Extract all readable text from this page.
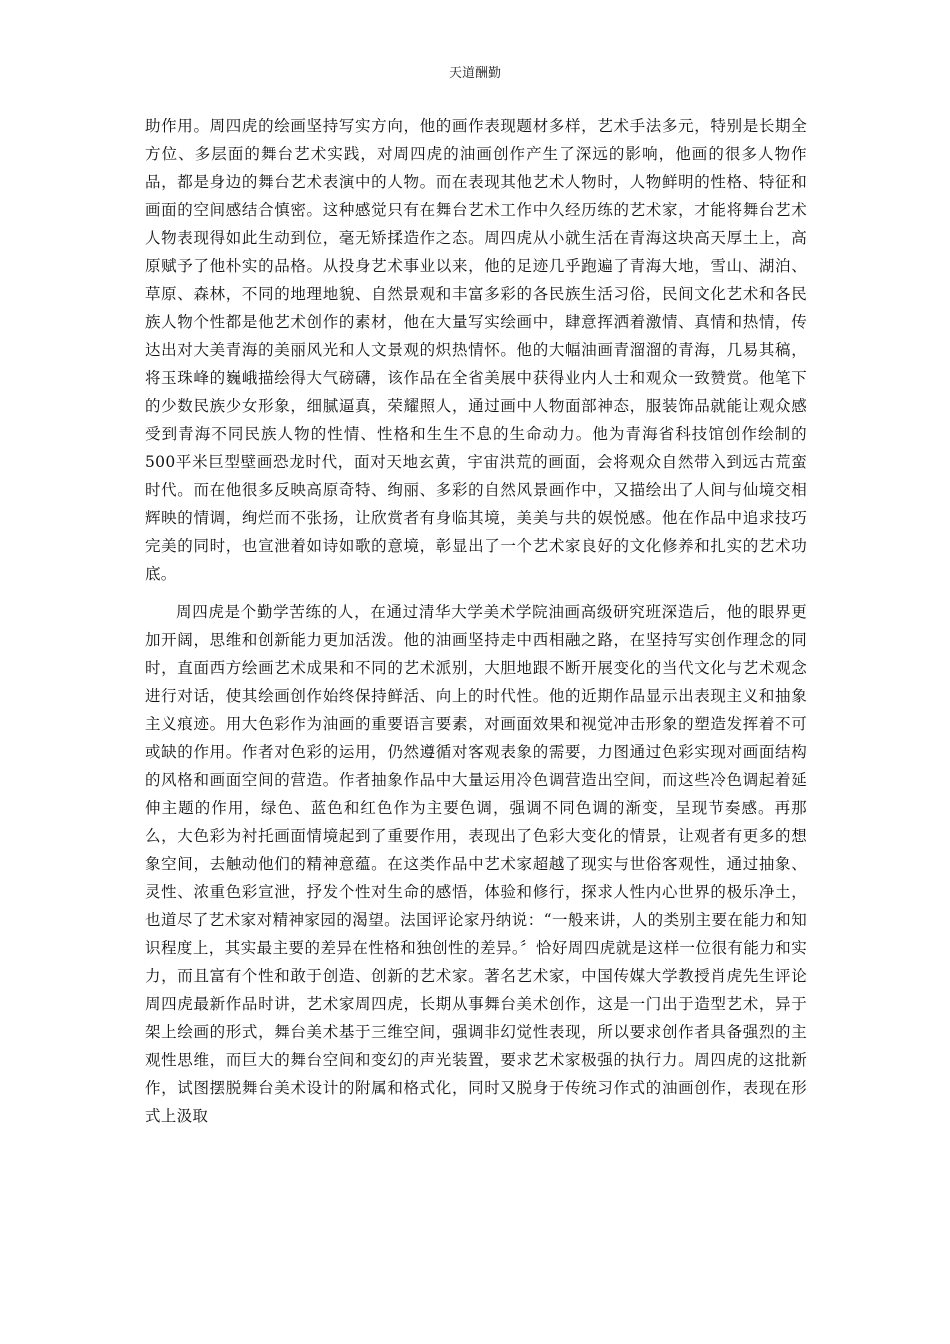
天道酬勤

助作用。周四虎的绘画坚持写实方向，他的画作表现题材多样，艺术手法多元，特别是长期全方位、多层面的舞台艺术实践，对周四虎的油画创作产生了深远的影响，他画的很多人物作品，都是身边的舞台艺术表演中的人物。而在表现其他艺术人物时，人物鲜明的性格、特征和画面的空间感结合慎密。这种感觉只有在舞台艺术工作中久经历练的艺术家，才能将舞台艺术人物表现得如此生动到位，毫无矫揉造作之态。周四虎从小就生活在青海这块高天厚土上，高原赋予了他朴实的品格。从投身艺术事业以来，他的足迹几乎跑遍了青海大地，雪山、湖泊、草原、森林，不同的地理地貌、自然景观和丰富多彩的各民族生活习俗，民间文化艺术和各民族人物个性都是他艺术创作的素材，他在大量写实绘画中，肆意挥洒着激情、真情和热情，传达出对大美青海的美丽风光和人文景观的炽热情怀。他的大幅油画青溜溜的青海，几易其稿，将玉珠峰的巍峨描绘得大气磅礴，该作品在全省美展中获得业内人士和观众一致赞赏。他笔下的少数民族少女形象，细腻逼真，荣耀照人，通过画中人物面部神态，服装饰品就能让观众感受到青海不同民族人物的性情、性格和生生不息的生命动力。他为青海省科技馆创作绘制的500平米巨型壁画恐龙时代，面对天地玄黄，宇宙洪荒的画面，会将观众自然带入到远古荒蛮时代。而在他很多反映高原奇特、绚丽、多彩的自然风景画作中，又描绘出了人间与仙境交相辉映的情调，绚烂而不张扬，让欣赏者有身临其境，美美与共的娱悦感。他在作品中追求技巧完美的同时，也宣泄着如诗如歌的意境，彰显出了一个艺术家良好的文化修养和扎实的艺术功底。

周四虎是个勤学苦练的人，在通过清华大学美术学院油画高级研究班深造后，他的眼界更加开阔，思维和创新能力更加活泼。他的油画坚持走中西相融之路，在坚持写实创作理念的同时，直面西方绘画艺术成果和不同的艺术派别，大胆地跟不断开展变化的当代文化与艺术观念进行对话，使其绘画创作始终保持鲜活、向上的时代性。他的近期作品显示出表现主义和抽象主义痕迹。用大色彩作为油画的重要语言要素，对画面效果和视觉冲击形象的塑造发挥着不可或缺的作用。作者对色彩的运用，仍然遵循对客观表象的需要，力图通过色彩实现对画面结构的风格和画面空间的营造。作者抽象作品中大量运用冷色调营造出空间，而这些冷色调起着延伸主题的作用，绿色、蓝色和红色作为主要色调，强调不同色调的渐变，呈现节奏感。再那么，大色彩为衬托画面情境起到了重要作用，表现出了色彩大变化的情景，让观者有更多的想象空间，去触动他们的精神意蕴。在这类作品中艺术家超越了现实与世俗客观性，通过抽象、灵性、浓重色彩宣泄，抒发个性对生命的感悟，体验和修行，探求人性内心世界的极乐净土，也道尽了艺术家对精神家园的渴望。法国评论家丹纳说：“一般来讲，人的类别主要在能力和知识程度上，其实最主要的差异在性格和独创性的差异。〞恰好周四虎就是这样一位很有能力和实力，而且富有个性和敢于创造、创新的艺术家。著名艺术家，中国传媒大学教授肖虎先生评论周四虎最新作品时讲，艺术家周四虎，长期从事舞台美术创作，这是一门出于造型艺术，异于架上绘画的形式，舞台美术基于三维空间，强调非幻觉性表现，所以要求创作者具备强烈的主观性思维，而巨大的舞台空间和变幻的声光装置，要求艺术家极强的执行力。周四虎的这批新作，试图摆脱舞台美术设计的附属和格式化，同时又脱身于传统习作式的油画创作，表现在形式上汲取
